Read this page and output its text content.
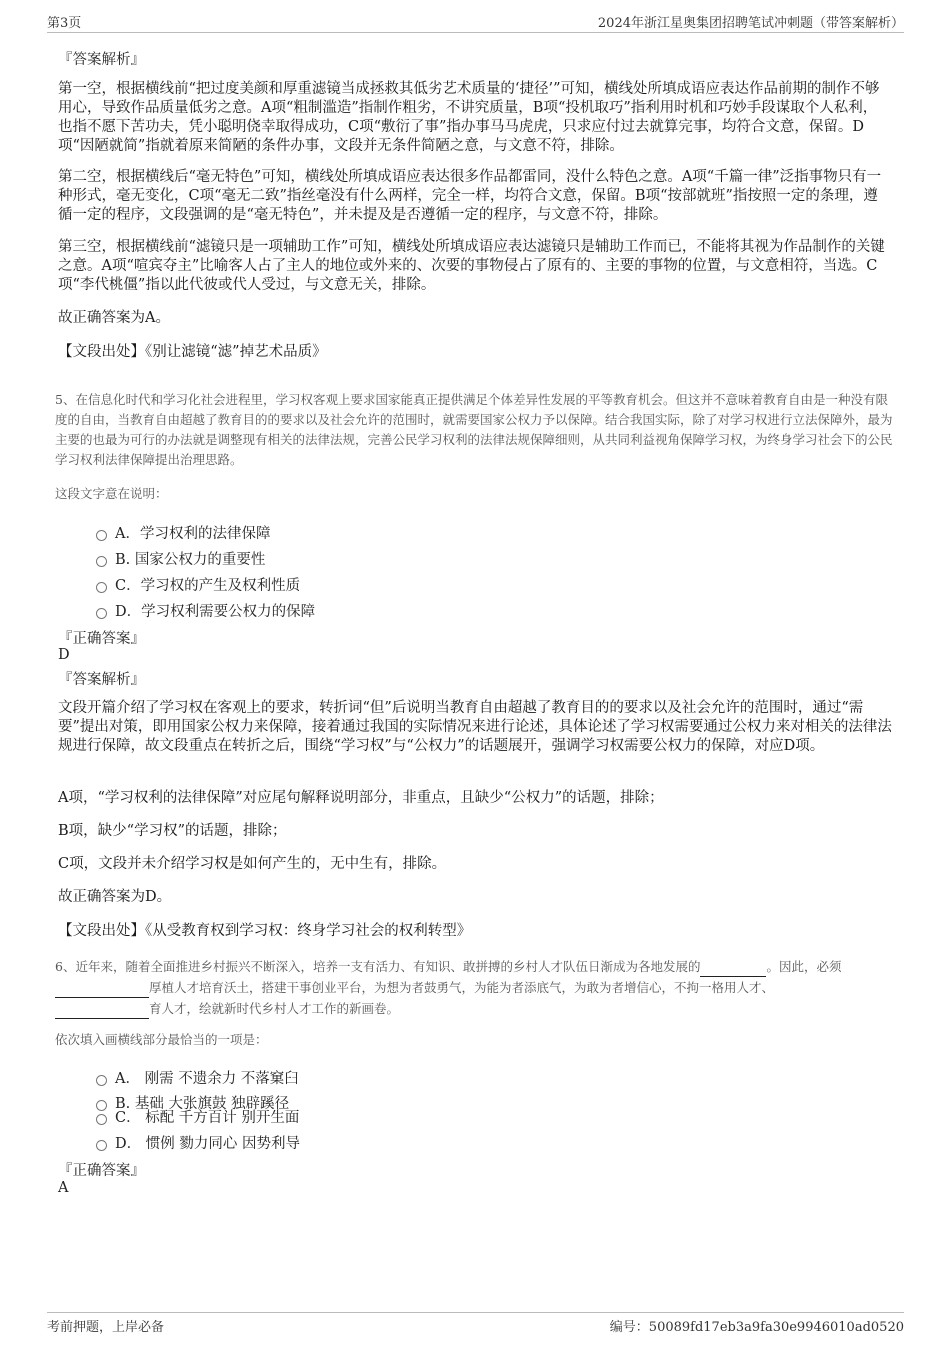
第3页	2024年浙江星奥集团招聘笔试冲刺题（带答案解析）
『答案解析』
第一空，根据横线前“把过度美颜和厚重滤镜当成拯救其低劣艺术质量的‘捷径’”可知，横线处所填成语应表达作品前期的制作不够用心，导致作品质量低劣之意。A项“粗制滥造”指制作粗劣，不讲究质量，B项“投机取巧”指利用时机和巧妙手段谋取个人私利，也指不愿下苦功夫，凭小聪明侥幸取得成功，C项“敷衍了事”指办事马马虎虎，只求应付过去就算完事，均符合文意，保留。D项“因陋就简”指就着原来简陋的条件办事，文段并无条件简陋之意，与文意不符，排除。
第二空，根据横线后“毫无特色”可知，横线处所填成语应表达很多作品都雷同，没什么特色之意。A项“千篇一律”泛指事物只有一种形式，毫无变化，C项“毫无二致”指丝毫没有什么两样，完全一样，均符合文意，保留。B项“按部就班”指按照一定的条理，遵循一定的程序，文段强调的是“毫无特色”，并未提及是否遵循一定的程序，与文意不符，排除。
第三空，根据横线前“滤镜只是一项辅助工作”可知，横线处所填成语应表达滤镜只是辅助工作而已，不能将其视为作品制作的关键之意。A项“喧宾夺主”比喻客人占了主人的地位或外来的、次要的事物侵占了原有的、主要的事物的位置，与文意相符，当选。C项“李代桃僵”指以此代彼或代人受过，与文意无关，排除。
故正确答案为A。
【文段出处】《别让滤镜“滤”掉艺术品质》
5、在信息化时代和学习化社会进程里，学习权客观上要求国家能真正提供满足个体差异性发展的平等教育机会。但这并不意味着教育自由是一种没有限度的自由，当教育自由超越了教育目的的要求以及社会允许的范围时，就需要国家公权力予以保障。结合我国实际，除了对学习权进行立法保障外，最为主要的也最为可行的办法就是调整现有相关的法律法规，完善公民学习权利的法律法规保障细则，从共同利益视角保障学习权，为终身学习社会下的公民学习权利法律保障提出治理思路。
这段文字意在说明：
A．学习权利的法律保障
B. 国家公权力的重要性
C．学习权的产生及权利性质
D．学习权利需要公权力的保障
『正确答案』
D
『答案解析』
文段开篇介绍了学习权在客观上的要求，转折词“但”后说明当教育自由超越了教育目的的要求以及社会允许的范围时，通过“需要”提出对策，即用国家公权力来保障，接着通过我国的实际情况来进行论述，具体论述了学习权需要通过公权力来对相关的法律法规进行保障，故文段重点在转折之后，围绕“学习权”与“公权力”的话题展开，强调学习权需要公权力的保障，对应D项。
A项，“学习权利的法律保障”对应尾句解释说明部分，非重点，且缺少“公权力”的话题，排除；
B项，缺少“学习权”的话题，排除；
C项，文段并未介绍学习权是如何产生的，无中生有，排除。
故正确答案为D。
【文段出处】《从受教育权到学习权：终身学习社会的权利转型》
6、近年来，随着全面推进乡村振兴不断深入，培养一支有活力、有知识、敢拼搏的乡村人才队伍日渐成为各地发展的	。因此，必须
厚植人才培育沃土，搭建干事创业平台，为想为者鼓勇气，为能为者添底气，为敢为者增信心，不拘一格用人才、
育人才，绘就新时代乡村人才工作的新画卷。
依次填入画横线部分最恰当的一项是：
A． 刚需 不遗余力 不落窠臼
B. 基础 大张旗鼓 独辟蹊径
C． 标配 千方百计 别开生面
D． 惯例 勠力同心 因势利导
『正确答案』
A
考前押题，上岸必备	编号：50089fd17eb3a9fa30e9946010ad0520
